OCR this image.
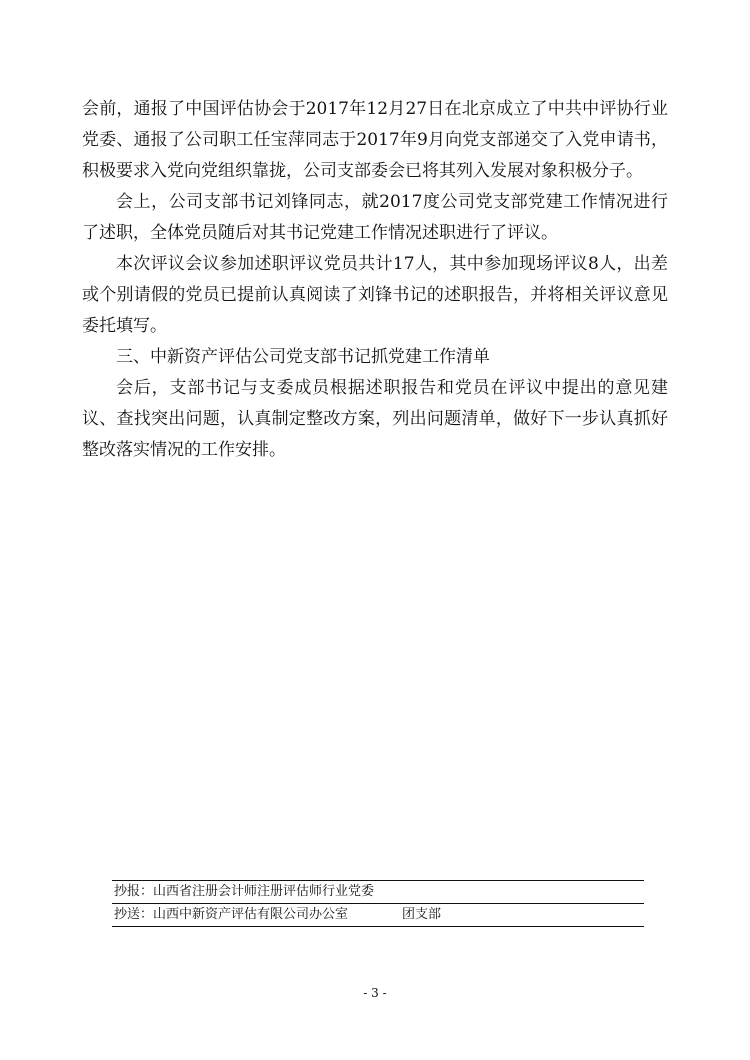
会前，通报了中国评估协会于2017年12月27日在北京成立了中共中评协行业党委、通报了公司职工任宝萍同志于2017年9月向党支部递交了入党申请书，积极要求入党向党组织靠拢，公司支部委会已将其列入发展对象积极分子。

会上，公司支部书记刘锋同志，就2017度公司党支部党建工作情况进行了述职，全体党员随后对其书记党建工作情况述职进行了评议。

本次评议会议参加述职评议党员共计17人，其中参加现场评议8人，出差或个别请假的党员已提前认真阅读了刘锋书记的述职报告，并将相关评议意见委托填写。

三、中新资产评估公司党支部书记抓党建工作清单

会后，支部书记与支委成员根据述职报告和党员在评议中提出的意见建议、查找突出问题，认真制定整改方案，列出问题清单，做好下一步认真抓好整改落实情况的工作安排。

抄报：山西省注册会计师注册评估师行业党委
抄送：山西中新资产评估有限公司办公室	团支部
- 3 -
